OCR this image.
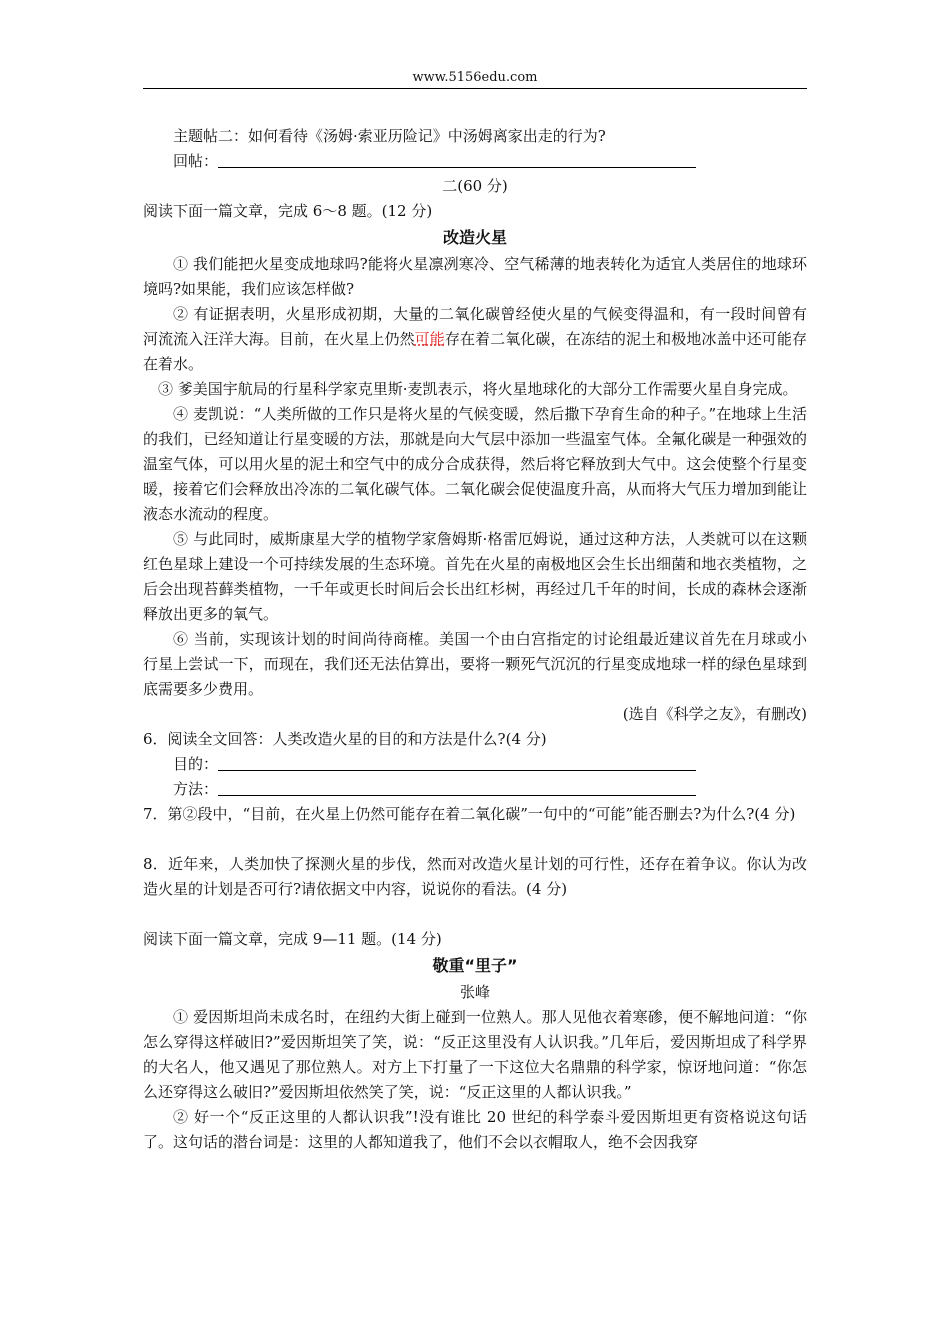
www.5156edu.com

主题帖二：如何看待《汤姆·索亚历险记》中汤姆离家出走的行为?

回帖：

二(60 分)

阅读下面一篇文章，完成 6～8 题。(12 分)

改造火星

① 我们能把火星变成地球吗?能将火星凛冽寒冷、空气稀薄的地表转化为适宜人类居住的地球环境吗?如果能，我们应该怎样做?

② 有证据表明，火星形成初期，大量的二氧化碳曾经使火星的气候变得温和，有一段时间曾有河流流入汪洋大海。目前，在火星上仍然可能存在着二氧化碳，在冻结的泥土和极地冰盖中还可能存在着水。

③ 爹美国宇航局的行星科学家克里斯·麦凯表示，将火星地球化的大部分工作需要火星自身完成。

④ 麦凯说：“人类所做的工作只是将火星的气候变暖，然后撒下孕育生命的种子。”在地球上生活的我们，已经知道让行星变暖的方法，那就是向大气层中添加一些温室气体。全氟化碳是一种强效的温室气体，可以用火星的泥土和空气中的成分合成获得，然后将它释放到大气中。这会使整个行星变暖，接着它们会释放出冷冻的二氧化碳气体。二氧化碳会促使温度升高，从而将大气压力增加到能让液态水流动的程度。

⑤ 与此同时，威斯康星大学的植物学家詹姆斯·格雷厄姆说，通过这种方法，人类就可以在这颗红色星球上建设一个可持续发展的生态环境。首先在火星的南极地区会生长出细菌和地衣类植物，之后会出现苔藓类植物，一千年或更长时间后会长出红杉树，再经过几千年的时间，长成的森林会逐渐释放出更多的氧气。

⑥ 当前，实现该计划的时间尚待商榷。美国一个由白宫指定的讨论组最近建议首先在月球或小行星上尝试一下，而现在，我们还无法估算出，要将一颗死气沉沉的行星变成地球一样的绿色星球到底需要多少费用。

(选自《科学之友》，有删改)

6．阅读全文回答：人类改造火星的目的和方法是什么?(4 分)

目的：

方法：

7．第②段中，“目前，在火星上仍然可能存在着二氧化碳”一句中的“可能”能否删去?为什么?(4 分)

8．近年来，人类加快了探测火星的步伐，然而对改造火星计划的可行性，还存在着争议。你认为改造火星的计划是否可行?请依据文中内容，说说你的看法。(4 分)

阅读下面一篇文章，完成 9—11 题。(14 分)

敬重“里子”

张峰

① 爱因斯坦尚未成名时，在纽约大街上碰到一位熟人。那人见他衣着寒碜，便不解地问道：“你怎么穿得这样破旧?”爱因斯坦笑了笑，说：“反正这里没有人认识我。”几年后，爱因斯坦成了科学界的大名人，他又遇见了那位熟人。对方上下打量了一下这位大名鼎鼎的科学家，惊讶地问道：“你怎么还穿得这么破旧?”爱因斯坦依然笑了笑，说：“反正这里的人都认识我。”

② 好一个“反正这里的人都认识我”!没有谁比 20 世纪的科学泰斗爱因斯坦更有资格说这句话了。这句话的潜台词是：这里的人都知道我了，他们不会以衣帽取人，绝不会因我穿
